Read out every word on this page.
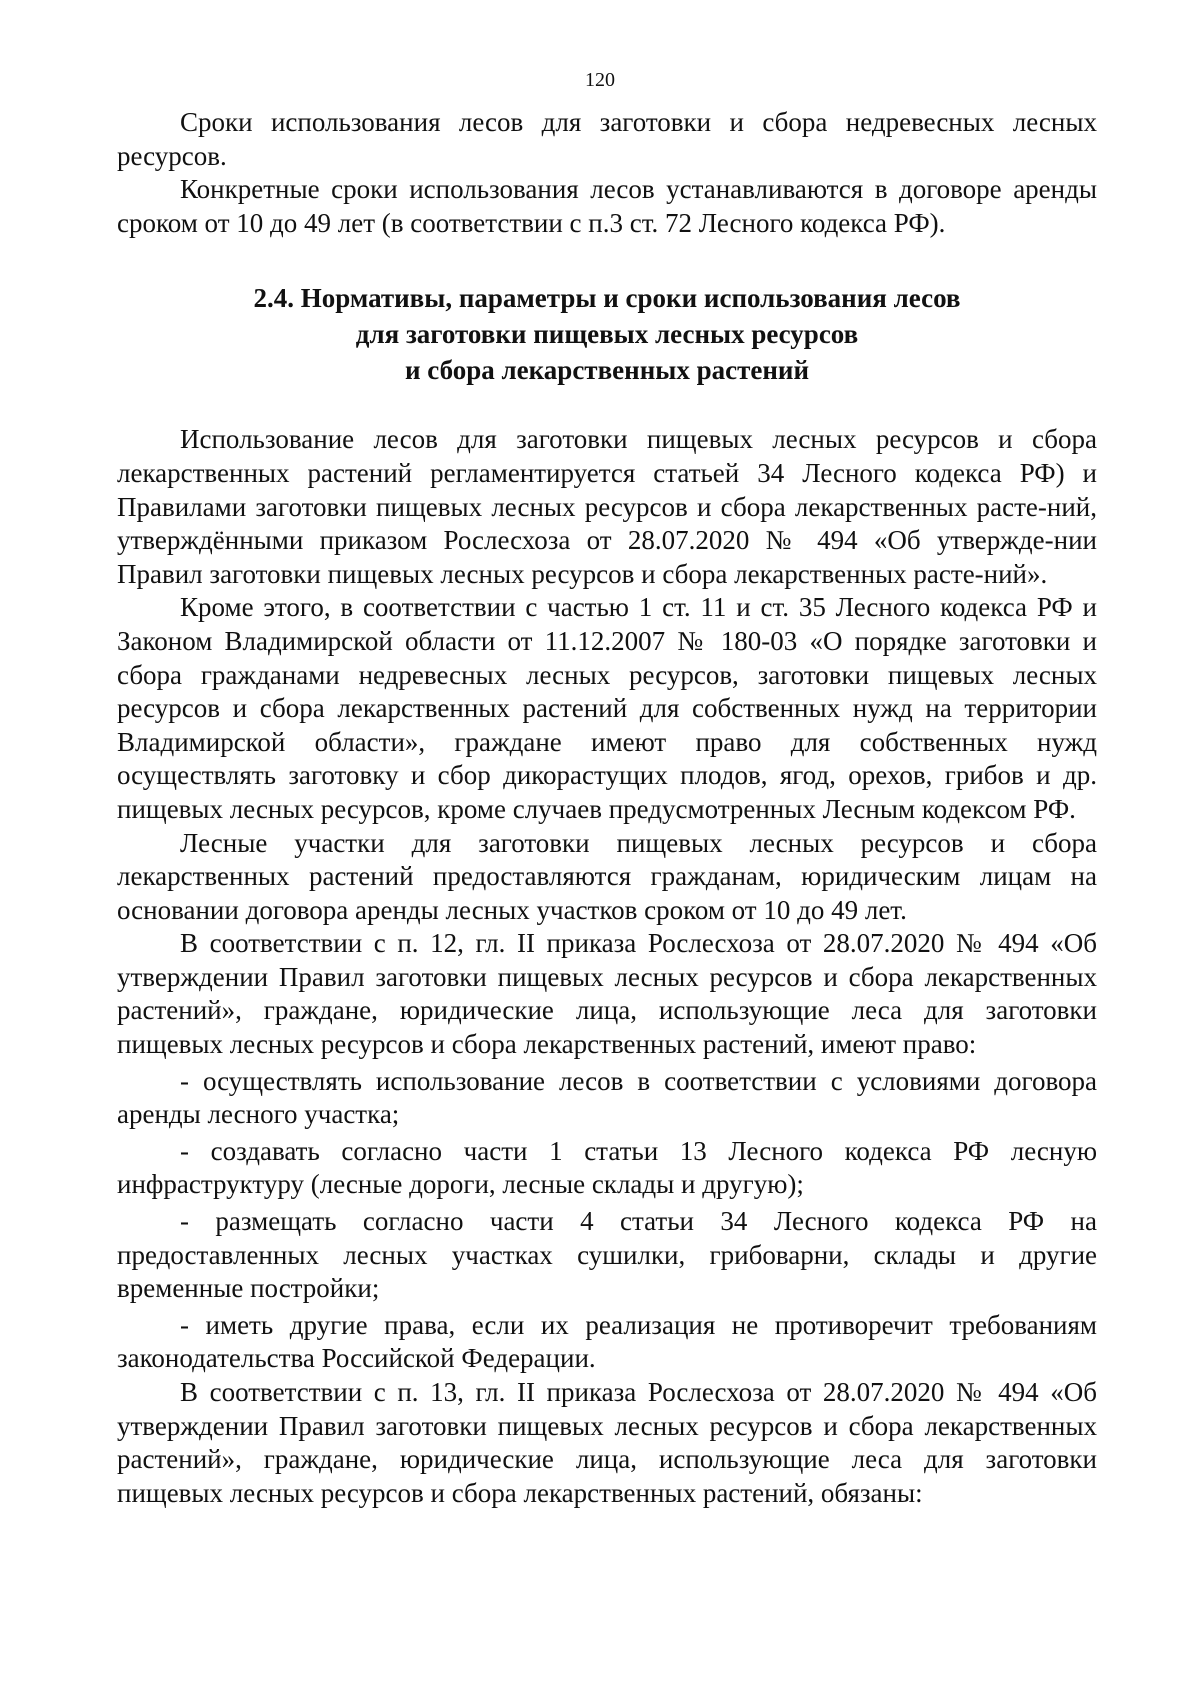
120

Сроки использования лесов для заготовки и сбора недревесных лесных ресурсов.

Конкретные сроки использования лесов устанавливаются в договоре аренды сроком от 10 до 49 лет (в соответствии с п.3 ст. 72 Лесного кодекса РФ).

2.4. Нормативы, параметры и сроки использования лесов
для заготовки пищевых лесных ресурсов
и сбора лекарственных растений

Использование лесов для заготовки пищевых лесных ресурсов и сбора лекарственных растений регламентируется статьей 34 Лесного кодекса РФ) и Правилами заготовки пищевых лесных ресурсов и сбора лекарственных расте-ний, утверждёнными приказом Рослесхоза от 28.07.2020 № 494 «Об утвержде-нии Правил заготовки пищевых лесных ресурсов и сбора лекарственных расте-ний».

Кроме этого, в соответствии с частью 1 ст. 11 и ст. 35 Лесного кодекса РФ и Законом Владимирской области от 11.12.2007 № 180-03 «О порядке заготовки и сбора гражданами недревесных лесных ресурсов, заготовки пищевых лесных ресурсов и сбора лекарственных растений для собственных нужд на территории Владимирской области», граждане имеют право для собственных нужд осуществлять заготовку и сбор дикорастущих плодов, ягод, орехов, грибов и др. пищевых лесных ресурсов, кроме случаев предусмотренных Лесным кодексом РФ.

Лесные участки для заготовки пищевых лесных ресурсов и сбора лекарственных растений предоставляются гражданам, юридическим лицам на основании договора аренды лесных участков сроком от 10 до 49 лет.

В соответствии с п. 12, гл. II приказа Рослесхоза от 28.07.2020 № 494 «Об утверждении Правил заготовки пищевых лесных ресурсов и сбора лекарственных растений», граждане, юридические лица, использующие леса для заготовки пищевых лесных ресурсов и сбора лекарственных растений, имеют право:

- осуществлять использование лесов в соответствии с условиями договора аренды лесного участка;

- создавать согласно части 1 статьи 13 Лесного кодекса РФ лесную инфраструктуру (лесные дороги, лесные склады и другую);

- размещать согласно части 4 статьи 34 Лесного кодекса РФ на предоставленных лесных участках сушилки, грибоварни, склады и другие временные постройки;

- иметь другие права, если их реализация не противоречит требованиям законодательства Российской Федерации.

В соответствии с п. 13, гл. II приказа Рослесхоза от 28.07.2020 № 494 «Об утверждении Правил заготовки пищевых лесных ресурсов и сбора лекарственных растений», граждане, юридические лица, использующие леса для заготовки пищевых лесных ресурсов и сбора лекарственных растений, обязаны:
